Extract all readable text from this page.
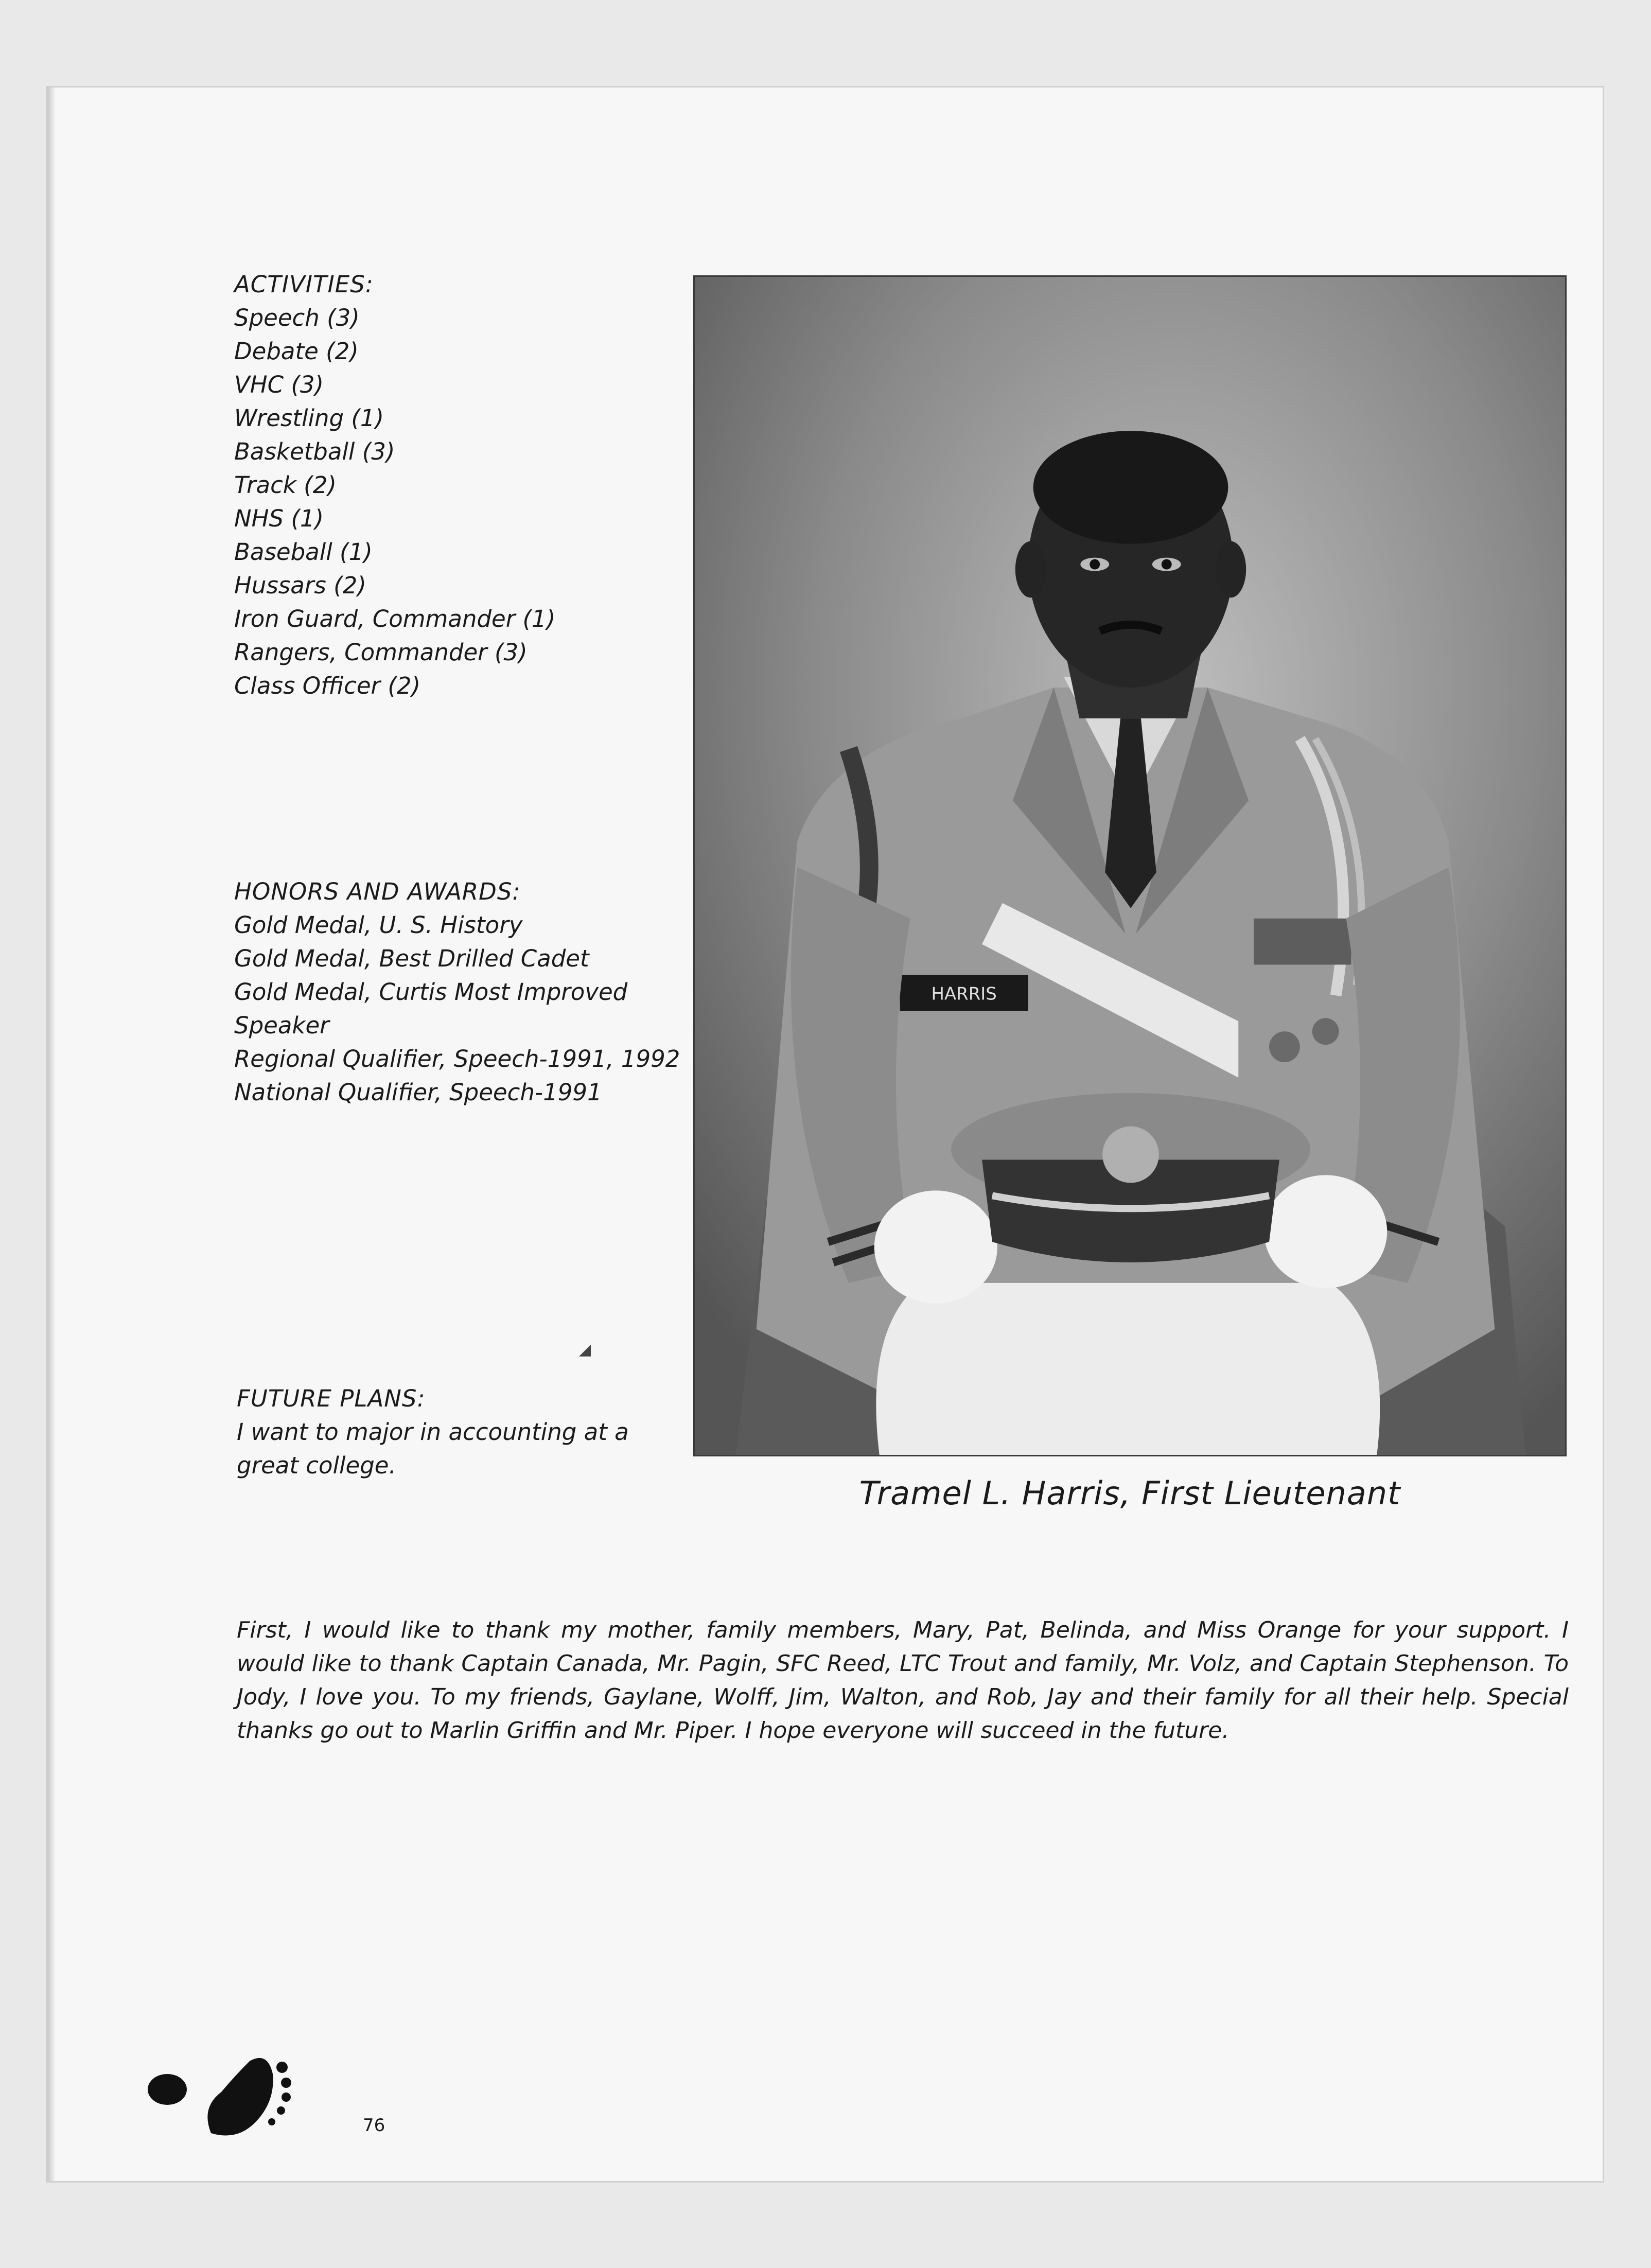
ACTIVITIES:
Speech (3)
Debate (2)
VHC (3)
Wrestling (1)
Basketball (3)
Track (2)
NHS (1)
Baseball (1)
Hussars (2)
Iron Guard, Commander (1)
Rangers, Commander (3)
Class Officer (2)
HONORS AND AWARDS:
Gold Medal, U. S. History
Gold Medal, Best Drilled Cadet
Gold Medal, Curtis Most Improved
Speaker
Regional Qualifier, Speech-1991, 1992
National Qualifier, Speech-1991
◢
FUTURE PLANS:
I want to major in accounting at a great college.
HARRIS
Tramel L. Harris, First Lieutenant
First, I would like to thank my mother, family members, Mary, Pat, Belinda, and Miss Orange for your support. I would like to thank Captain Canada, Mr. Pagin, SFC Reed, LTC Trout and family, Mr. Volz, and Captain Stephenson. To Jody, I love you. To my friends, Gaylane, Wolff, Jim, Walton, and Rob, Jay and their family for all their help. Special thanks go out to Marlin Griffin and Mr. Piper. I hope everyone will succeed in the future.
76
